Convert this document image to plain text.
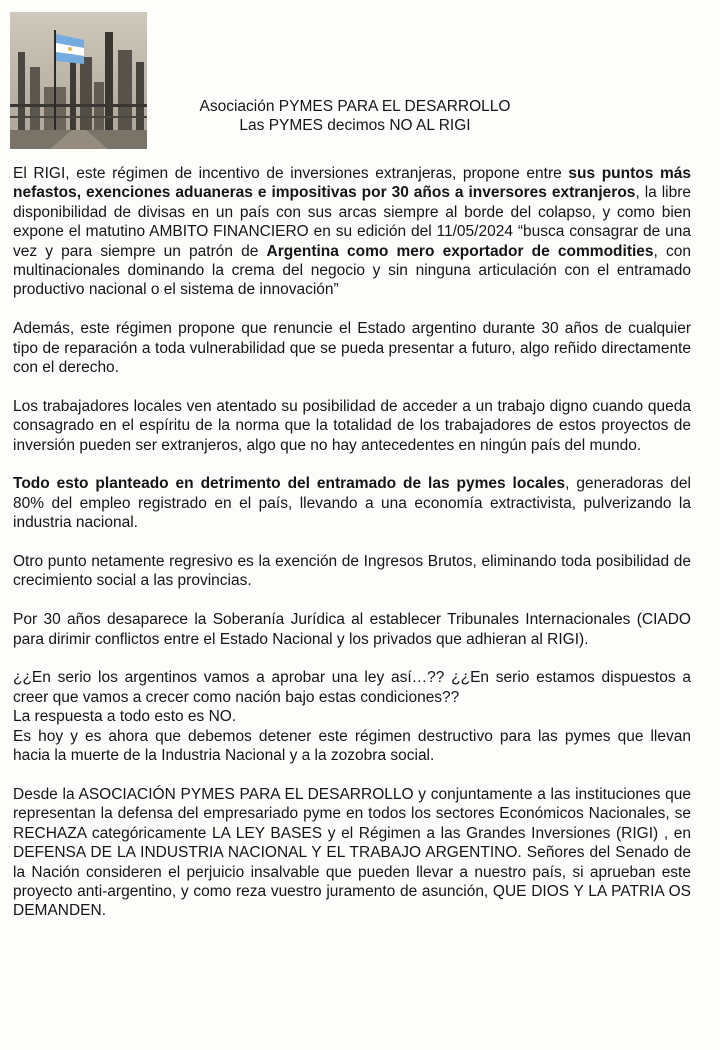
Asociación PYMES PARA EL DESARROLLO
Las PYMES decimos NO AL RIGI

El RIGI, este régimen de incentivo de inversiones extranjeras, propone entre sus puntos más nefastos, exenciones aduaneras e impositivas por 30 años a inversores extranjeros, la libre disponibilidad de divisas en un país con sus arcas siempre al borde del colapso, y como bien expone el matutino AMBITO FINANCIERO en su edición del 11/05/2024 “busca consagrar de una vez y para siempre un patrón de Argentina como mero exportador de commodities, con multinacionales dominando la crema del negocio y sin ninguna articulación con el entramado productivo nacional o el sistema de innovación”

Además, este régimen propone que renuncie el Estado argentino durante 30 años de cualquier tipo de reparación a toda vulnerabilidad que se pueda presentar a futuro, algo reñido directamente con el derecho.

Los trabajadores locales ven atentado su posibilidad de acceder a un trabajo digno cuando queda consagrado en el espíritu de la norma que la totalidad de los trabajadores de estos proyectos de inversión pueden ser extranjeros, algo que no hay antecedentes en ningún país del mundo.

Todo esto planteado en detrimento del entramado de las pymes locales, generadoras del 80% del empleo registrado en el país, llevando a una economía extractivista, pulverizando la industria nacional.

Otro punto netamente regresivo es la exención de Ingresos Brutos, eliminando toda posibilidad de crecimiento social a las provincias.

Por 30 años desaparece la Soberanía Jurídica al establecer Tribunales Internacionales (CIADO para dirimir conflictos entre el Estado Nacional y los privados que adhieran al RIGI).

¿¿En serio los argentinos vamos a aprobar una ley así…?? ¿¿En serio estamos dispuestos a creer que vamos a crecer como nación bajo estas condiciones??

La respuesta a todo esto es NO.

Es hoy y es ahora que debemos detener este régimen destructivo para las pymes que llevan hacia la muerte de la Industria Nacional y a la zozobra social.

Desde la ASOCIACIÓN PYMES PARA EL DESARROLLO y conjuntamente a las instituciones que representan la defensa del empresariado pyme en todos los sectores Económicos Nacionales, se RECHAZA categóricamente LA LEY BASES y el Régimen a las Grandes Inversiones (RIGI) , en DEFENSA DE LA INDUSTRIA NACIONAL Y EL TRABAJO ARGENTINO. Señores del Senado de la Nación consideren el perjuicio insalvable que pueden llevar a nuestro país, si aprueban este proyecto anti-argentino, y como reza vuestro juramento de asunción, QUE DIOS Y LA PATRIA OS DEMANDEN.
